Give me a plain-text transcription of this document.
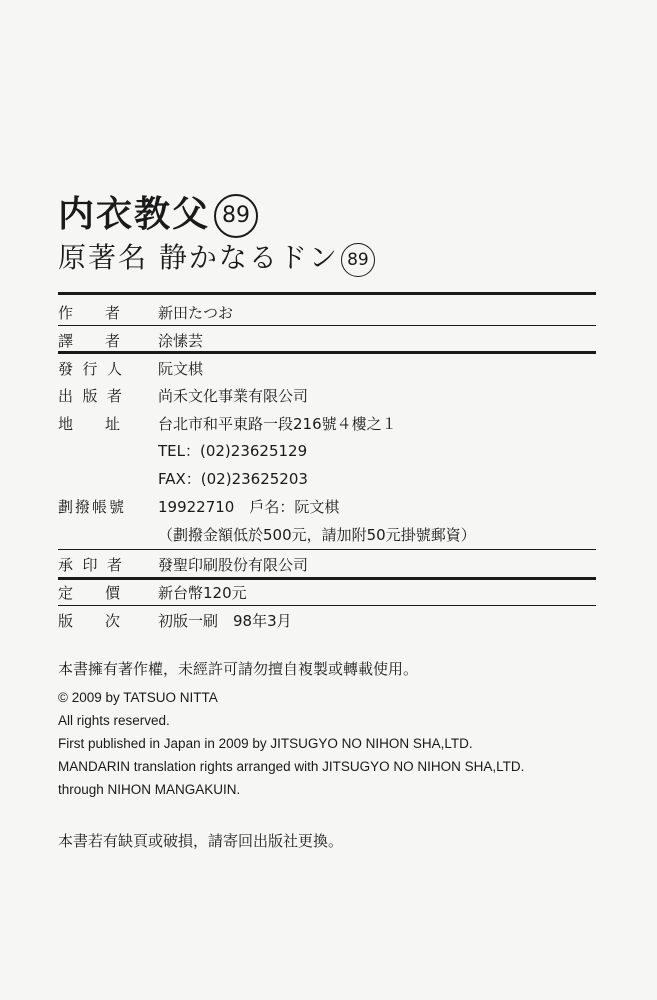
内衣教父 89
原著名 静かなるドン 89
作 者	新田たつお
譯 者	涂愫芸
發 行 人 阮文棋
出 版 者 尚禾文化事業有限公司
地 址	台北市和平東路一段216號４樓之１
TEL：(02)23625129
FAX：(02)23625203
劃 撥 帳 號 19922710　戶名：阮文棋
（劃撥金額低於500元，請加附50元掛號郵資）
承 印 者 發聖印刷股份有限公司
定 價	新台幣120元
版 次	初版一刷　98年3月
本書擁有著作權，未經許可請勿擅自複製或轉載使用。
© 2009 by TATSUO NITTA
All rights reserved.
First published in Japan in 2009 by JITSUGYO NO NIHON SHA,LTD.
MANDARIN translation rights arranged with JITSUGYO NO NIHON SHA,LTD.
through NIHON MANGAKUIN.
本書若有缺頁或破損，請寄回出版社更換。
